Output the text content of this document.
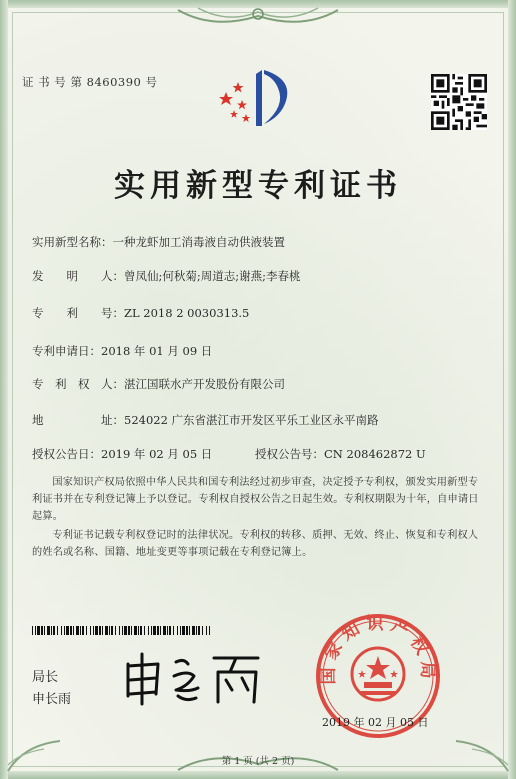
证 书 号 第 8460390 号
实用新型专利证书
实用新型名称：一种龙虾加工消毒液自动供液装置
发　　明　　人：曾凤仙;何秋菊;周道志;谢燕;李春桃
专　　利　　号：ZL 2018 2 0030313.5
专利申请日：2018 年 01 月 09 日
专　利　权　人：湛江国联水产开发股份有限公司
地　　　　　址：524022 广东省湛江市开发区平乐工业区永平南路
授权公告日：2019 年 02 月 05 日	授权公告号：CN 208462872 U
国家知识产权局依照中华人民共和国专利法经过初步审查，决定授予专利权，颁发实用新型专利证书并在专利登记簿上予以登记。专利权自授权公告之日起生效。专利权期限为十年，自申请日起算。
专利证书记载专利权登记时的法律状况。专利权的转移、质押、无效、终止、恢复和专利权人的姓名或名称、国籍、地址变更等事项记载在专利登记簿上。
局长
申长雨
国家知识产权局
2019 年 02 月 05 日
第 1 页 (共 2 页)
